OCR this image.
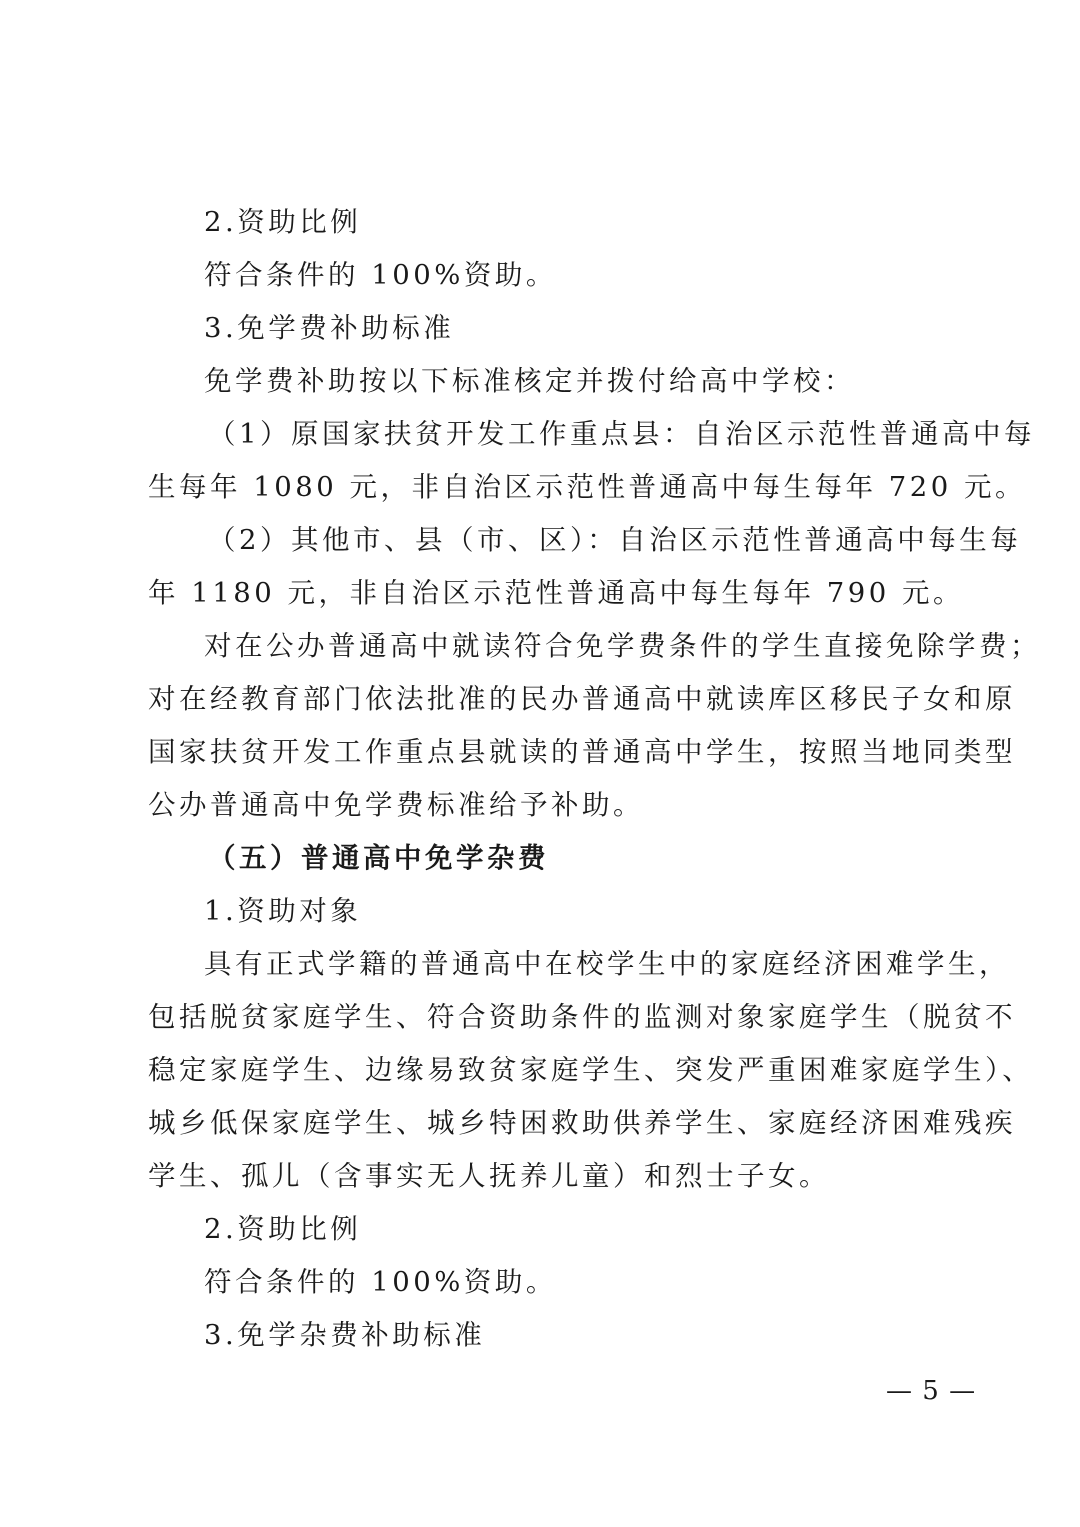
2.资助比例
符合条件的 100%资助。
3.免学费补助标准
免学费补助按以下标准核定并拨付给高中学校：
（1）原国家扶贫开发工作重点县：自治区示范性普通高中每
生每年 1080 元，非自治区示范性普通高中每生每年 720 元。
（2）其他市、县（市、区）：自治区示范性普通高中每生每
年 1180 元，非自治区示范性普通高中每生每年 790 元。
对在公办普通高中就读符合免学费条件的学生直接免除学费；
对在经教育部门依法批准的民办普通高中就读库区移民子女和原
国家扶贫开发工作重点县就读的普通高中学生，按照当地同类型
公办普通高中免学费标准给予补助。
（五）普通高中免学杂费
1.资助对象
具有正式学籍的普通高中在校学生中的家庭经济困难学生，
包括脱贫家庭学生、符合资助条件的监测对象家庭学生（脱贫不
稳定家庭学生、边缘易致贫家庭学生、突发严重困难家庭学生）、
城乡低保家庭学生、城乡特困救助供养学生、家庭经济困难残疾
学生、孤儿（含事实无人抚养儿童）和烈士子女。
2.资助比例
符合条件的 100%资助。
3.免学杂费补助标准
— 5 —
